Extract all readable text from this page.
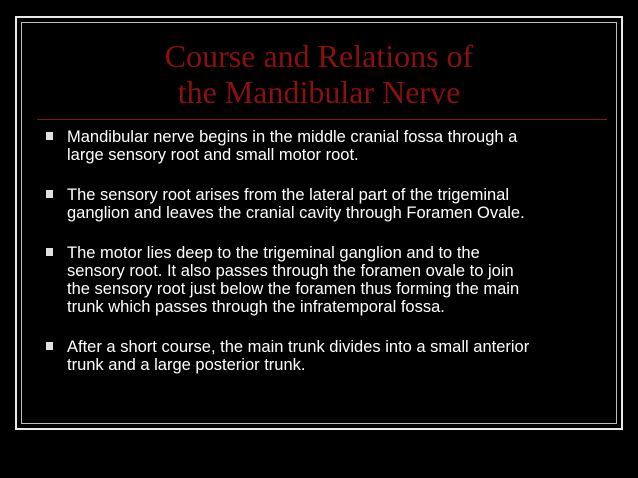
Course and Relations of
the Mandibular Nerve
Mandibular nerve begins in the middle cranial fossa through a
large sensory root and small motor root.
The sensory root arises from the lateral part of the trigeminal
ganglion and leaves the cranial cavity through Foramen Ovale.
The motor lies deep to the trigeminal ganglion and to the
sensory root. It also passes through the foramen ovale to join
the sensory root just below the foramen thus forming the main
trunk which passes through the infratemporal fossa.
After a short course, the main trunk divides into a small anterior
trunk and a large posterior trunk.
